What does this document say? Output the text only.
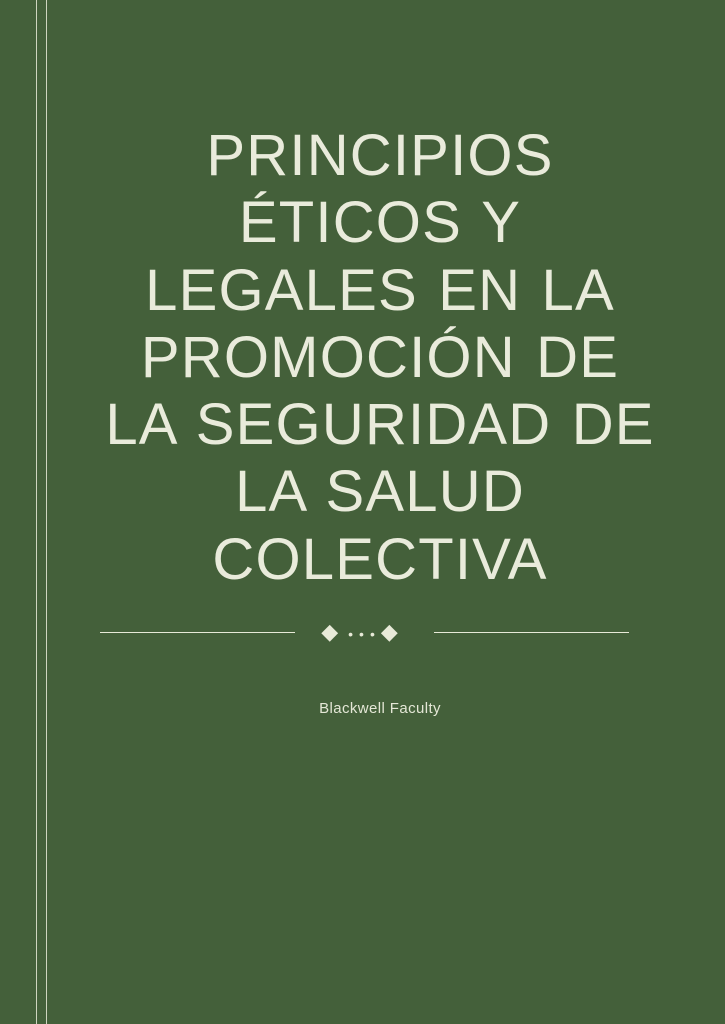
PRINCIPIOS ÉTICOS Y LEGALES EN LA PROMOCIÓN DE LA SEGURIDAD DE LA SALUD COLECTIVA
◆•••◆
Blackwell Faculty
